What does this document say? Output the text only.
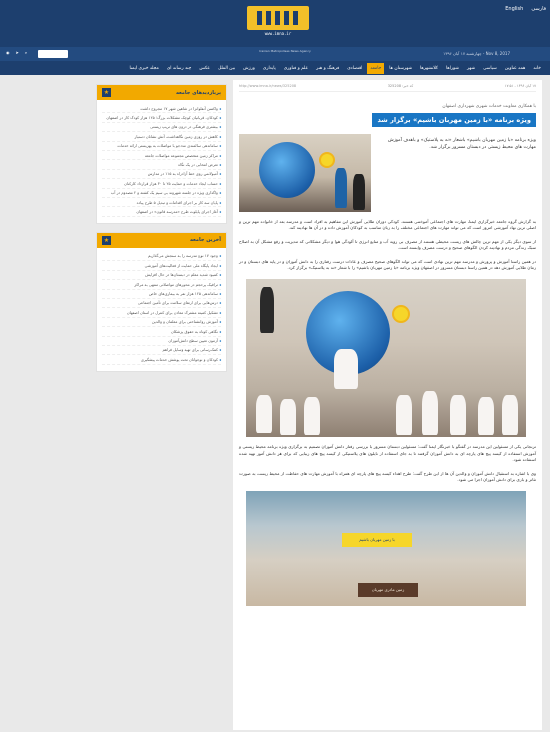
www.imna.ir
English فارسی
◉ ➤ ⌕	Iranian Metropolises News Agency	چهارشنبه ۱۷ آبان ۱۳۹۶ - Nov 8, 2017
خانه
همه عناوین
سیاسی
شهر
شوراها
کلانشهرها
شهرستان ها
جامعه
اقتصادی
فرهنگ و هنر
علم و فناوری
پایداری
ورزش
بین الملل
عکس
چند رسانه ای
مجله خبری ایمنا
۱۷ آبان ۱۳۹۶ - ۱۷:۵۱
کد خبر: 325208
http://www.imna.ir/news/325208
با همکاری معاونت خدمات شهری شهرداری اصفهان
ویژه برنامه «با زمین مهربان باشیم» برگزار شد
ویژه برنامه «با زمین مهربان باشیم» باشعار «نه به پلاستیک» و باهدف آموزش مهارت های محیط زیستی در دبستان مسرور برگزار شد.
به گزارش گروه جامعه خبرگزاری ایمنا، مهارت های اجتماعی آموختنی هستند. کودکی دوران طلایی آموزش این مفاهیم به افراد است و مدرسه بعد از خانواده مهم ترین و اصلی ترین نهاد آموزشی امروز است که می تواند مهارت های اجتماعی مختلف را به زبان مناسب به کودکان آموزش داده و در آن ها نهادینه کند.
از سوی دیگر یکی از مهم ترین چالش های زیست محیطی هستند از مصرف بی رویه آب و منابع انرژی تا آلودگی هوا و دیگر مشکلاتی که مدیریت و رفع مشکل آن به اصلاح سبک زندگی مردم و نهادینه کردن الگوهای صحیح و درست مصرف وابسته است.
در همین راستا آموزش و پرورش و مدرسه مهم ترین نهادی است که می تواند الگوهای صحیح مصرف و عادات درست رفتاری را به دانش آموزان و در پایه های دبستان و در زمان طلایی آموزش دهد در همین راستا دبستان مسرور در اصفهان ویژه برنامه «با زمین مهربان باشیم» را با شعار «نه به پلاستیک» برگزار کرد.
ترنجانی یکی از مسئولین این مدرسه در گفتگو با خبرنگار ایمنا گفت: مسئولین دبستان مسرور با بررسی رفتار دانش آموزان تصمیم به برگزاری ویژه برنامه محیط زیستی و آموزش استفاده از کیسه پیچ های پارچه ای به دانش آموزان گرفتند تا به جای استفاده از نایلون های پلاستیکی از کیسه پیچ های زیبایی که برای هر دانش آموز تهیه شده استفاده شود.
وی با اشاره به استقبال دانش آموزان و والدین آن ها از این طرح گفت: طرح اهداء کیسه پیچ های پارچه ای همراه با آموزش مهارت های حفاظت از محیط زیست به صورت تئاتر و بازی برای دانش آموزان اجرا می شود.
با زمین مهربان باشیم
زمین مادری مهربان
پربازدیدهای جامعه
★
◂ واکسن آنفلوانزا در شاهین شهر ۱۷ مجروح داشت
◂ کودکان، قربانیان کوچک مشکلات بزرگ؛ ۱۲۵ هزار کودک کار در اصفهان
◂ بیشتری فرهنگی در درون های تریپ زیستی
◂ کاهش در روزی زمین نگاهداشت، آتش نشانان دستیار
◂ ساماندهی سالمندی مددجو با مواصلات به بهزیستی ارائه خدمات
◂ مراکز زمین متخصص مجموعه مواصلات جامعه
◂ تعرض انتخابی در یک نگاه
◂ آمبولانس روی خط آزادراه به ۱۱۵ در مدارس
◂ حساب ایجاد خدمات و حمایت ۲۵ تا ۳۰ هزار قرارداد کارکنان
◂ واگذاری ویژه در جلسه شهروند بی سیم یک کشته و ۲ مصدوم در آب
◂ پایان سه کار بر اجرای اقدامات و تبدیل ۵ طرح پیاده
◂ آغاز اجرای پایلوت طرح «مدرسه قانون» در اصفهان
آخرین جامعه
★
◂ وجود ۱۷ نوع مدرسه را به سنجش می‌گذاریم
◂ ایجاد پایگاه ملی حمایت از فعالیت‌های آموزشی
◂ کمبود شدید معلم در دبستان‌ها در حال افزایش
◂ ترافیک پرحجم در محورهای مواصلاتی منتهی به مراکز
◂ ساماندهی ۱۲۵ هزار نفر به بیماری‌های خاص
◂ درس‌هایی برای ارتقای سلامت برای تأمین اجتماعی
◂ تشکیل کمیته مشترک معادن برای کنترل در استان اصفهان
◂ آموزش روانشناختی برای معلمان و والدین
◂ نگاهی کوتاه به حقوق پزشکان
◂ آزمون تعیین سطح دانش‌آموزان
◂ کمک‌رسانی برای تهیه وسایل فراهم
◂ کودکان و نوجوانان تحت پوشش خدمات پیشگیری
